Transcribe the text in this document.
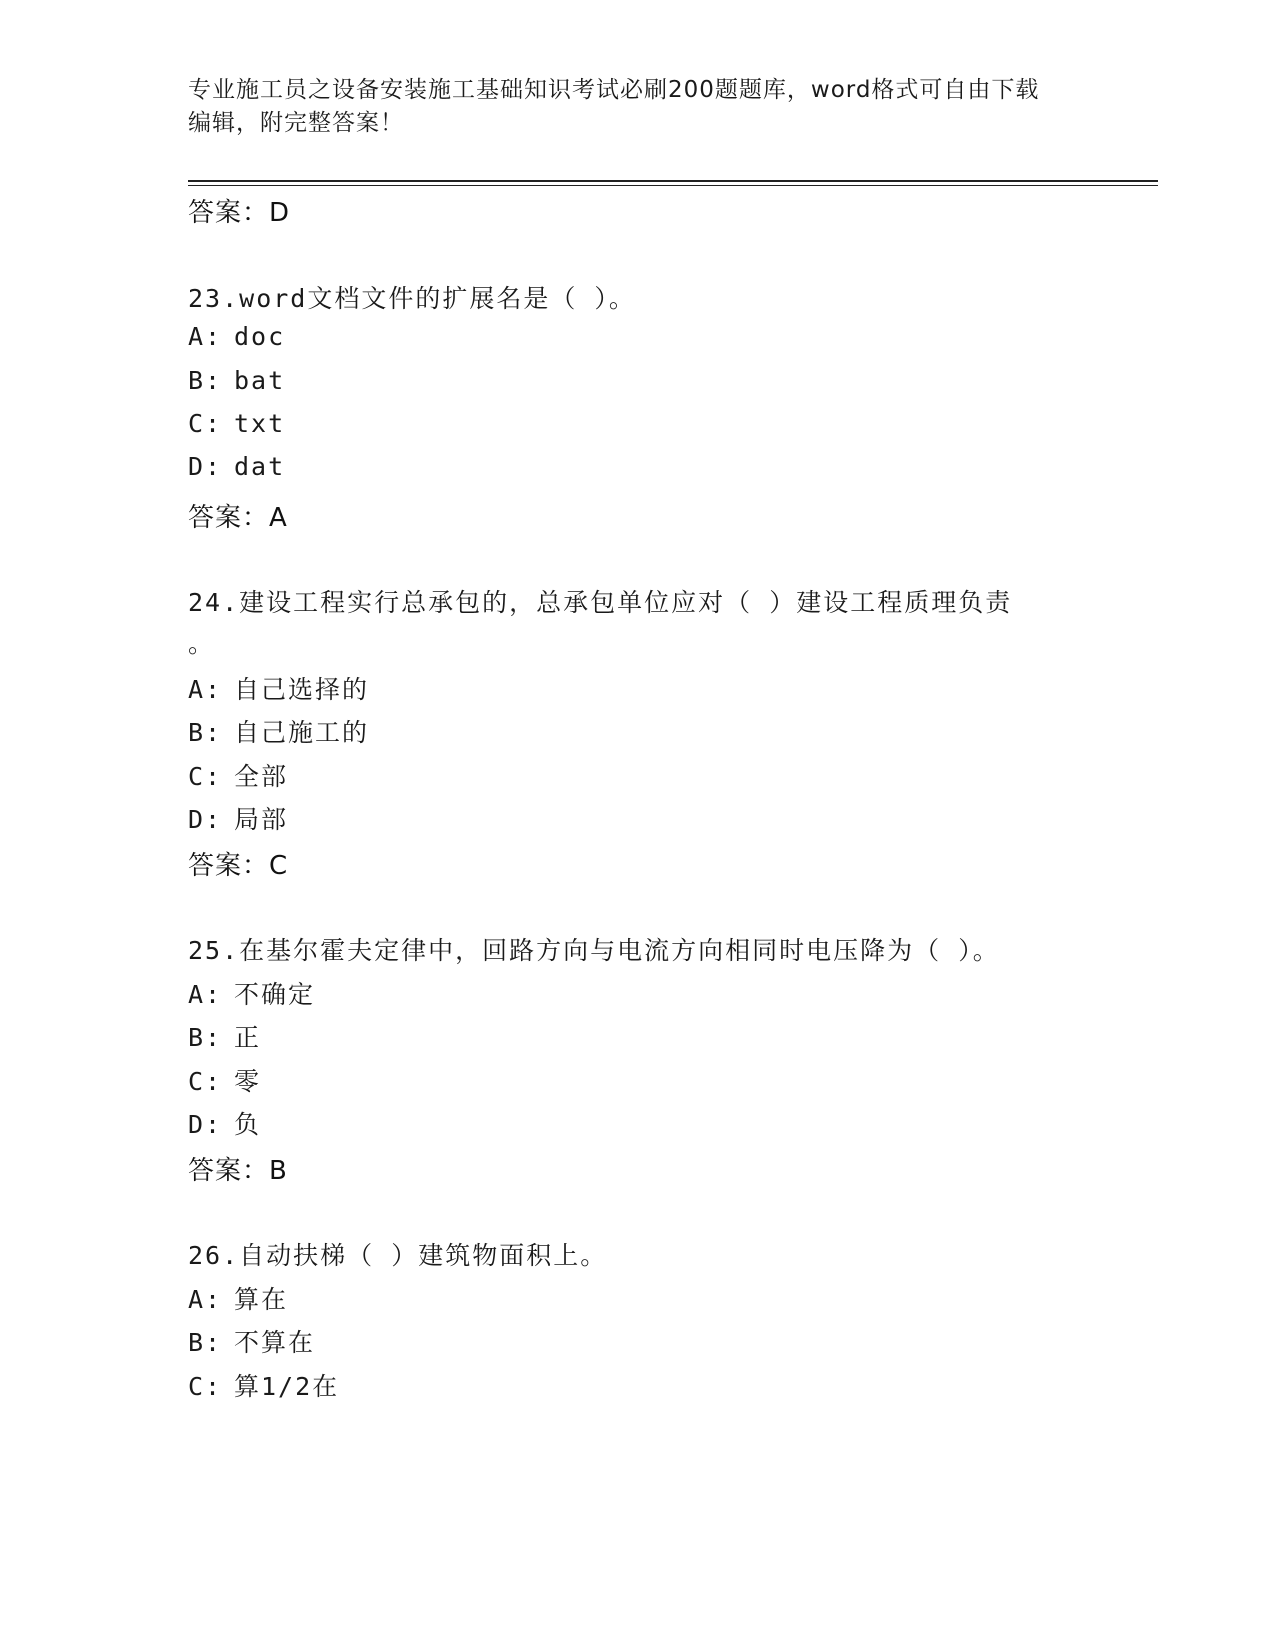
专业施工员之设备安装施工基础知识考试必刷200题题库，word格式可自由下载
编辑，附完整答案！
答案：D
23.word文档文件的扩展名是（ ）。
A: doc
B: bat
C: txt
D: dat
答案：A
24.建设工程实行总承包的，总承包单位应对（ ）建设工程质理负责
。
A: 自己选择的
B: 自己施工的
C: 全部
D: 局部
答案：C
25.在基尔霍夫定律中，回路方向与电流方向相同时电压降为（ ）。
A: 不确定
B: 正
C: 零
D: 负
答案：B
26.自动扶梯（ ）建筑物面积上。
A: 算在
B: 不算在
C: 算1/2在
